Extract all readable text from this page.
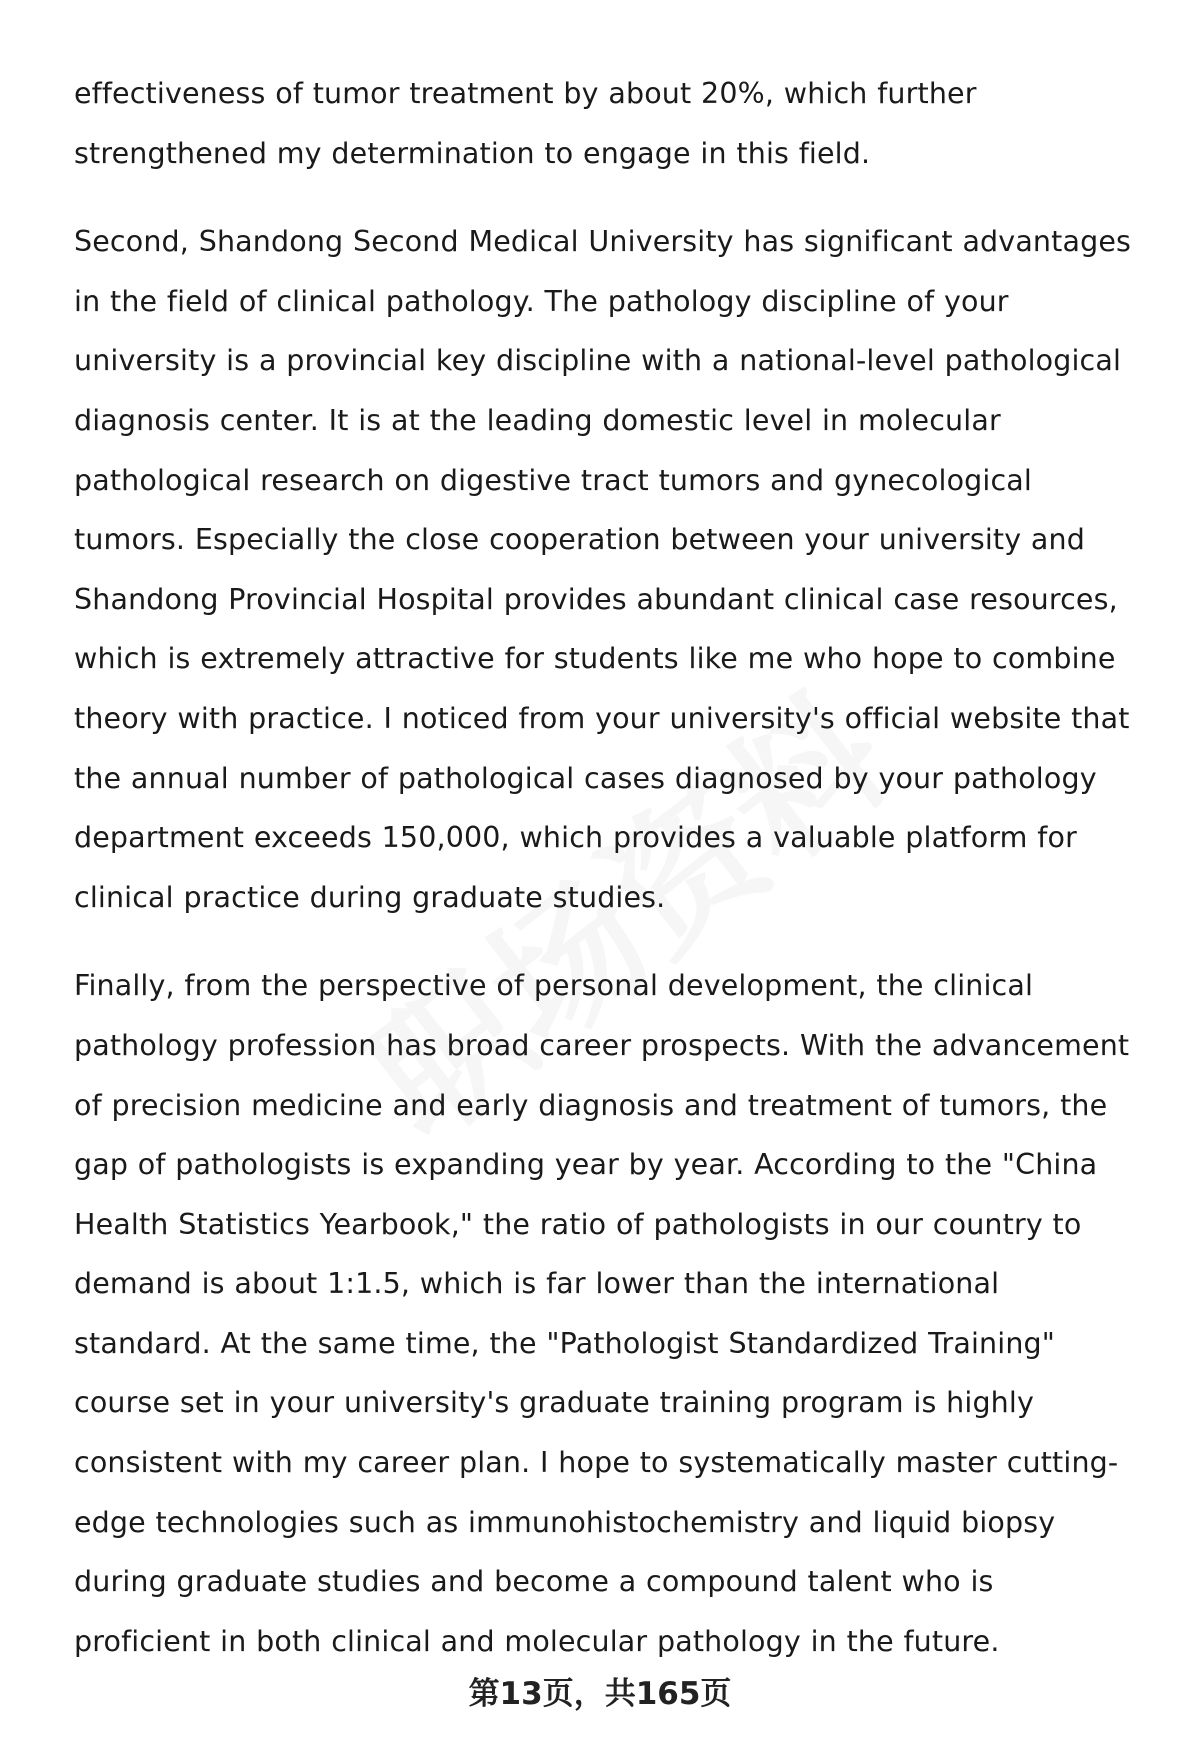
effectiveness of tumor treatment by about 20%, which further strengthened my determination to engage in this field.

Second, Shandong Second Medical University has significant advantages in the field of clinical pathology. The pathology discipline of your university is a provincial key discipline with a national-level pathological diagnosis center. It is at the leading domestic level in molecular pathological research on digestive tract tumors and gynecological tumors. Especially the close cooperation between your university and Shandong Provincial Hospital provides abundant clinical case resources, which is extremely attractive for students like me who hope to combine theory with practice. I noticed from your university's official website that the annual number of pathological cases diagnosed by your pathology department exceeds 150,000, which provides a valuable platform for clinical practice during graduate studies.

Finally, from the perspective of personal development, the clinical pathology profession has broad career prospects. With the advancement of precision medicine and early diagnosis and treatment of tumors, the gap of pathologists is expanding year by year. According to the "China Health Statistics Yearbook," the ratio of pathologists in our country to demand is about 1:1.5, which is far lower than the international standard. At the same time, the "Pathologist Standardized Training" course set in your university's graduate training program is highly consistent with my career plan. I hope to systematically master cutting-edge technologies such as immunohistochemistry and liquid biopsy during graduate studies and become a compound talent who is proficient in both clinical and molecular pathology in the future.

第13页，共165页
